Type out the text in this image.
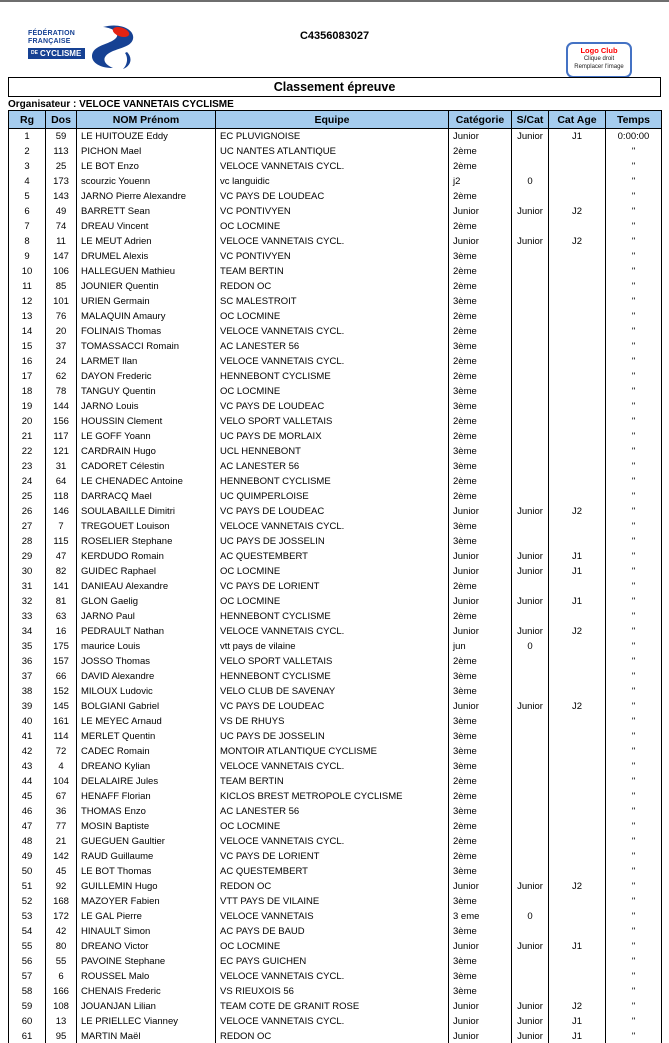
FÉDÉRATION
FRANÇAISE
DE CYCLISME
C4356083027
Logo Club
Clique droit
Remplacer l'image
Classement épreuve
Organisateur : VELOCE VANNETAIS CYCLISME
Rg	Dos	NOM Prénom	Equipe	Catégorie	S/Cat	Cat Age	Temps
1	59	LE HUITOUZE Eddy	EC PLUVIGNOISE	Junior	Junior	J1	0:00:00
2	113	PICHON Mael	UC NANTES ATLANTIQUE	2ème			"
3	25	LE BOT Enzo	VELOCE VANNETAIS CYCL.	2ème			"
4	173	scourzic Youenn	vc languidic	j2	0		"
5	143	JARNO Pierre Alexandre	VC PAYS DE LOUDEAC	2ème			"
6	49	BARRETT Sean	VC PONTIVYEN	Junior	Junior	J2	"
7	74	DREAU Vincent	OC LOCMINE	2ème			"
8	11	LE MEUT Adrien	VELOCE VANNETAIS CYCL.	Junior	Junior	J2	"
9	147	DRUMEL Alexis	VC PONTIVYEN	3ème			"
10	106	HALLEGUEN Mathieu	TEAM BERTIN	2ème			"
11	85	JOUNIER Quentin	REDON OC	2ème			"
12	101	URIEN Germain	SC MALESTROIT	3ème			"
13	76	MALAQUIN Amaury	OC LOCMINE	2ème			"
14	20	FOLINAIS Thomas	VELOCE VANNETAIS CYCL.	2ème			"
15	37	TOMASSACCI Romain	AC LANESTER 56	3ème			"
16	24	LARMET Ilan	VELOCE VANNETAIS CYCL.	2ème			"
17	62	DAYON Frederic	HENNEBONT CYCLISME	2ème			"
18	78	TANGUY Quentin	OC LOCMINE	3ème			"
19	144	JARNO Louis	VC PAYS DE LOUDEAC	3ème			"
20	156	HOUSSIN Clement	VELO SPORT VALLETAIS	2ème			"
21	117	LE GOFF Yoann	UC PAYS DE MORLAIX	2ème			"
22	121	CARDRAIN Hugo	UCL HENNEBONT	3ème			"
23	31	CADORET Célestin	AC LANESTER 56	3ème			"
24	64	LE CHENADEC Antoine	HENNEBONT CYCLISME	2ème			"
25	118	DARRACQ Mael	UC QUIMPERLOISE	2ème			"
26	146	SOULABAILLE Dimitri	VC PAYS DE LOUDEAC	Junior	Junior	J2	"
27	7	TREGOUET Louison	VELOCE VANNETAIS CYCL.	3ème			"
28	115	ROSELIER Stephane	UC PAYS DE JOSSELIN	3ème			"
29	47	KERDUDO Romain	AC QUESTEMBERT	Junior	Junior	J1	"
30	82	GUIDEC Raphael	OC LOCMINE	Junior	Junior	J1	"
31	141	DANIEAU Alexandre	VC PAYS DE LORIENT	2ème			"
32	81	GLON Gaelig	OC LOCMINE	Junior	Junior	J1	"
33	63	JARNO Paul	HENNEBONT CYCLISME	2ème			"
34	16	PEDRAULT Nathan	VELOCE VANNETAIS CYCL.	Junior	Junior	J2	"
35	175	maurice Louis	vtt pays de vilaine	jun	0		"
36	157	JOSSO Thomas	VELO SPORT VALLETAIS	2ème			"
37	66	DAVID Alexandre	HENNEBONT CYCLISME	3ème			"
38	152	MILOUX Ludovic	VELO CLUB DE SAVENAY	3ème			"
39	145	BOLGIANI Gabriel	VC PAYS DE LOUDEAC	Junior	Junior	J2	"
40	161	LE MEYEC Arnaud	VS DE RHUYS	3ème			"
41	114	MERLET Quentin	UC PAYS DE JOSSELIN	3ème			"
42	72	CADEC Romain	MONTOIR ATLANTIQUE CYCLISME	3ème			"
43	4	DREANO Kylian	VELOCE VANNETAIS CYCL.	3ème			"
44	104	DELALAIRE Jules	TEAM BERTIN	2ème			"
45	67	HENAFF Florian	KICLOS BREST METROPOLE CYCLISME	2ème			"
46	36	THOMAS Enzo	AC LANESTER 56	3ème			"
47	77	MOSIN Baptiste	OC LOCMINE	2ème			"
48	21	GUEGUEN Gaultier	VELOCE VANNETAIS CYCL.	2ème			"
49	142	RAUD Guillaume	VC PAYS DE LORIENT	2ème			"
50	45	LE BOT Thomas	AC QUESTEMBERT	3ème			"
51	92	GUILLEMIN Hugo	REDON OC	Junior	Junior	J2	"
52	168	MAZOYER Fabien	VTT PAYS DE VILAINE	3ème			"
53	172	LE GAL Pierre	VELOCE VANNETAIS	3 eme	0		"
54	42	HINAULT Simon	AC PAYS DE BAUD	3ème			"
55	80	DREANO Victor	OC LOCMINE	Junior	Junior	J1	"
56	55	PAVOINE Stephane	EC PAYS GUICHEN	3ème			"
57	6	ROUSSEL Malo	VELOCE VANNETAIS CYCL.	3ème			"
58	166	CHENAIS Frederic	VS RIEUXOIS 56	3ème			"
59	108	JOUANJAN Lilian	TEAM COTE DE GRANIT ROSE	Junior	Junior	J2	"
60	13	LE PRIELLEC Vianney	VELOCE VANNETAIS CYCL.	Junior	Junior	J1	"
61	95	MARTIN Maël	REDON OC	Junior	Junior	J1	"
